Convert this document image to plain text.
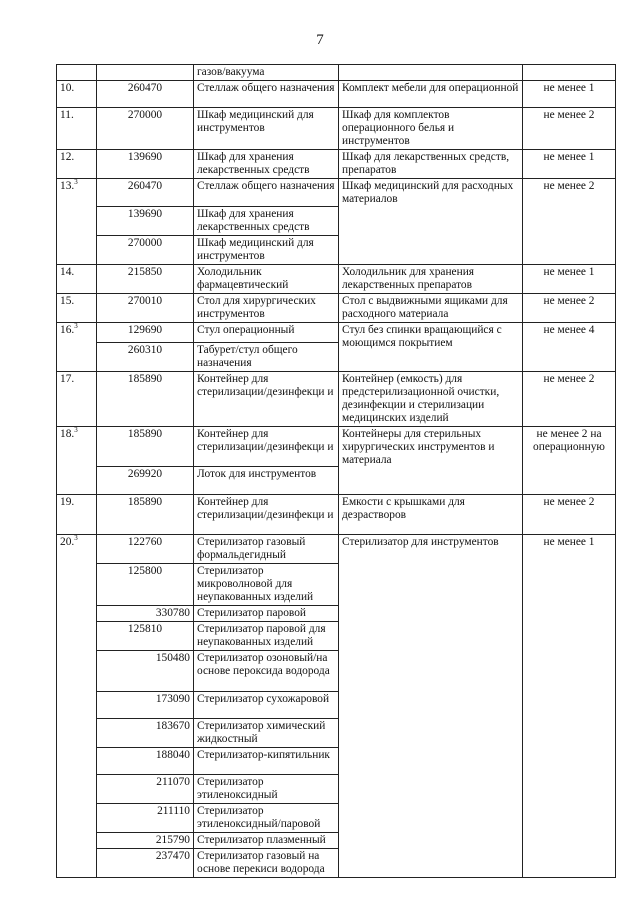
7
		газов/вакуума		
10.	260470	Стеллаж общего назначения	Комплект мебели для операционной	не менее 1
11.	270000	Шкаф медицинский для инструментов	Шкаф для комплектов операционного белья и инструментов	не менее 2
12.	139690	Шкаф для хранения лекарственных средств	Шкаф для лекарственных средств, препаратов	не менее 1
13.$^3$	260470	Стеллаж общего назначения	Шкаф медицинский для расходных материалов	не менее 2
	139690	Шкаф для хранения лекарственных средств		
	270000	Шкаф медицинский для инструментов		
14.	215850	Холодильник фармацевтический	Холодильник для хранения лекарственных препаратов	не менее 1
15.	270010	Стол для хирургических инструментов	Стол с выдвижными ящиками для расходного материала	не менее 2
16.$^3$	129690	Стул операционный	Стул без спинки вращающийся с моющимся покрытием	не менее 4
	260310	Табурет/стул общего назначения		
17.	185890	Контейнер для стерилизации/дезинфекци и	Контейнер (емкость) для предстерилизационной очистки, дезинфекции и стерилизации медицинских изделий	не менее 2
18.$^3$	185890	Контейнер для стерилизации/дезинфекци и	Контейнеры для стерильных хирургических инструментов и материала	не менее 2 на операционную
	269920	Лоток для инструментов		
19.	185890	Контейнер для стерилизации/дезинфекци и	Емкости с крышками для дезрастворов	не менее 2
20.$^3$	122760	Стерилизатор газовый формальдегидный	Стерилизатор для инструментов	не менее 1
	125800	Стерилизатор микроволновой для неупакованных изделий		
	330780	Стерилизатор паровой		
	125810	Стерилизатор паровой для неупакованных изделий		
	150480	Стерилизатор озоновый/на основе пероксида водорода		
	173090	Стерилизатор сухожаровой		
	183670	Стерилизатор химический жидкостный		
	188040	Стерилизатор-кипятильник		
	211070	Стерилизатор этиленоксидный		
	211110	Стерилизатор этиленоксидный/паровой		
	215790	Стерилизатор плазменный		
	237470	Стерилизатор газовый на основе перекиси водорода		
